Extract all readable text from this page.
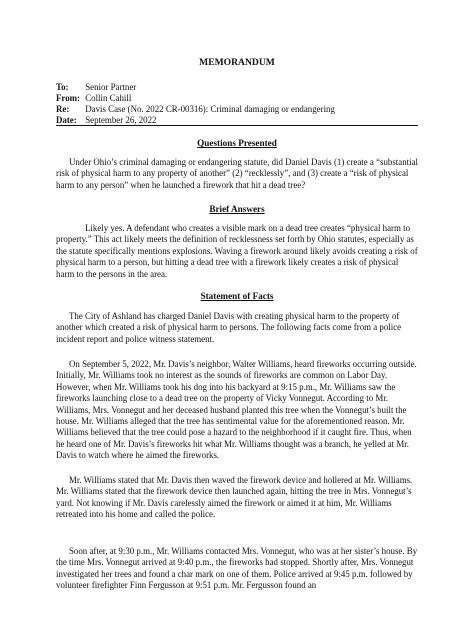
MEMORANDUM
To: Senior Partner
From: Collin Cahill
Re: Davis Case (No. 2022 CR-00316): Criminal damaging or endangering
Date: September 26, 2022
Questions Presented

Under Ohio’s criminal damaging or endangering statute, did Daniel Davis (1) create a “substantial risk of physical harm to any property of another” (2) “recklessly”, and (3) create a “risk of physical harm to any person” when he launched a firework that hit a dead tree?

Brief Answers

Likely yes. A defendant who creates a visible mark on a dead tree creates “physical harm to property.” This act likely meets the definition of recklessness set forth by Ohio statutes, especially as the statute specifically mentions explosions. Waving a firework around likely avoids creating a risk of physical harm to a person, but hitting a dead tree with a firework likely creates a risk of physical harm to the persons in the area.

Statement of Facts

The City of Ashland has charged Daniel Davis with creating physical harm to the property of another which created a risk of physical harm to persons. The following facts come from a police incident report and police witness statement.

On September 5, 2022, Mr. Davis’s neighbor, Walter Williams, heard fireworks occurring outside. Initially, Mr. Williams took no interest as the sounds of fireworks are common on Labor Day. However, when Mr. Williams took his dog into his backyard at 9:15 p.m., Mr. Williams saw the fireworks launching close to a dead tree on the property of Vicky Vonnegut. According to Mr. Williams, Mrs. Vonnegut and her deceased husband planted this tree when the Vonnegut’s built the house. Mr. Williams alleged that the tree has sentimental value for the aforementioned reason. Mr. Williams believed that the tree could pose a hazard to the neighborhood if it caught fire. Thus, when he heard one of Mr. Davis’s fireworks hit what Mr. Williams thought was a branch, he yelled at Mr. Davis to watch where he aimed the fireworks.

Mr. Williams stated that Mr. Davis then waved the firework device and hollered at Mr. Williams. Mr. Williams stated that the firework device then launched again, hitting the tree in Mrs. Vonnegut’s yard. Not knowing if Mr. Davis carelessly aimed the firework or aimed it at him, Mr. Williams retreated into his home and called the police.

Soon after, at 9:30 p.m., Mr. Williams contacted Mrs. Vonnegut, who was at her sister’s house. By the time Mrs. Vonnegut arrived at 9:40 p.m., the fireworks had stopped. Shortly after, Mrs. Vonnegut investigated her trees and found a char mark on one of them. Police arrived at 9:45 p.m. followed by volunteer firefighter Finn Fergusson at 9:51 p.m. Mr. Fergusson found an
